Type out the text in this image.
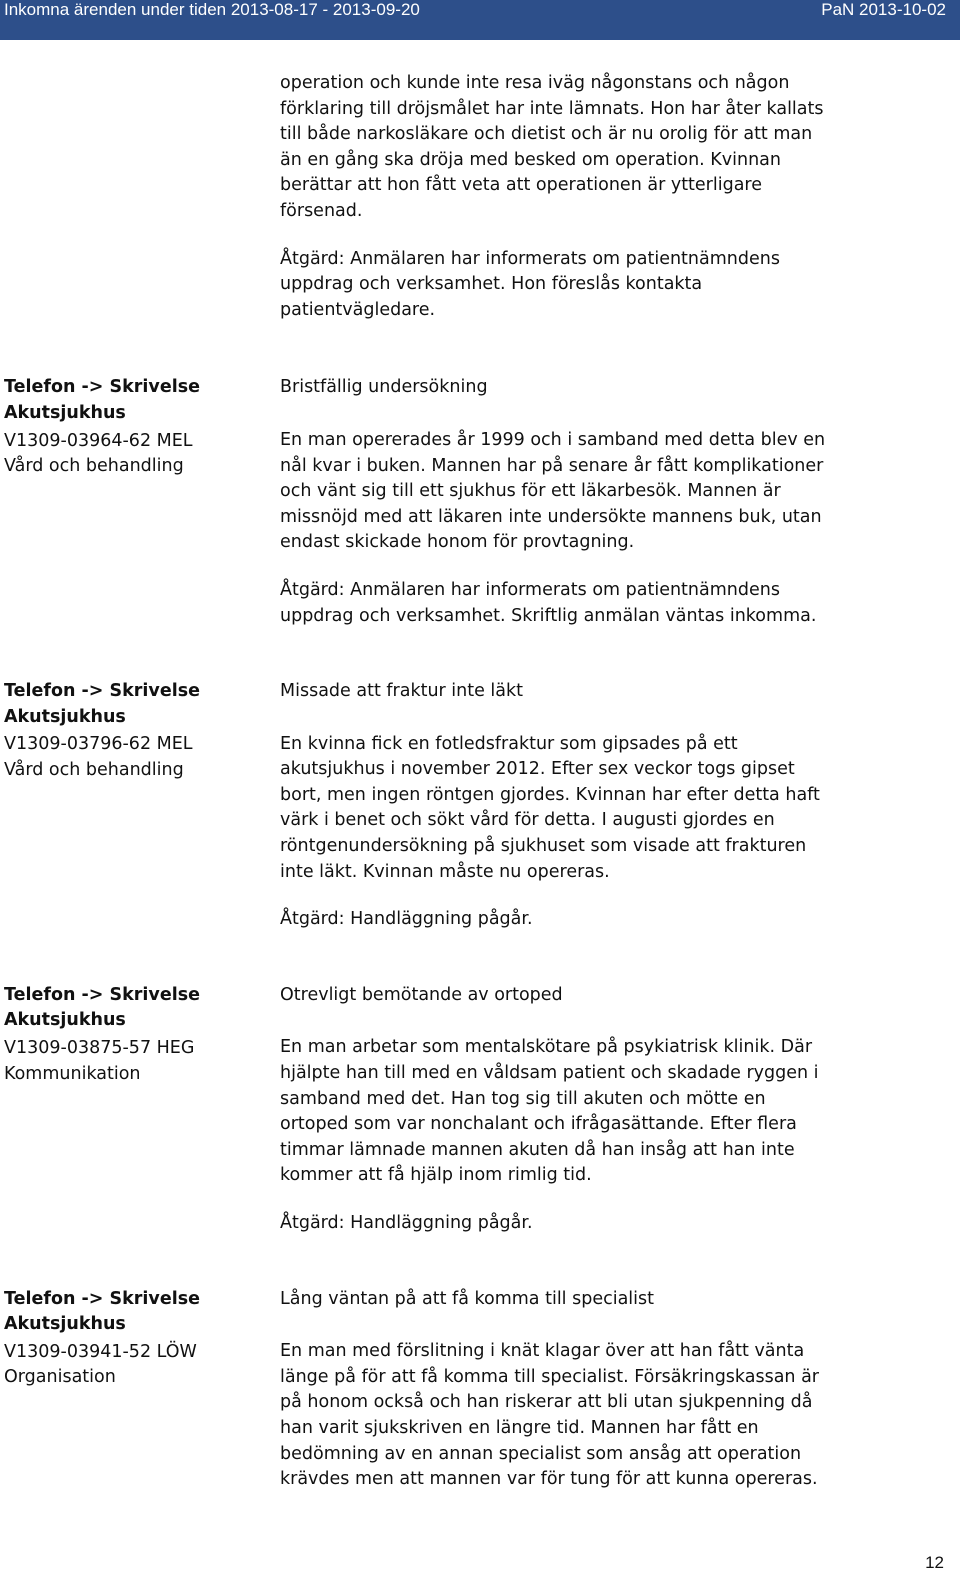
Inkomna ärenden under tiden 2013-08-17 - 2013-09-20	PaN 2013-10-02

operation och kunde inte resa iväg någonstans och någon
förklaring till dröjsmålet har inte lämnats. Hon har åter kallats
till både narkosläkare och dietist och är nu orolig för att man
än en gång ska dröja med besked om operation. Kvinnan
berättar att hon fått veta att operationen är ytterligare
försenad.

Åtgärd: Anmälaren har informerats om patientnämndens
uppdrag och verksamhet. Hon föreslås kontakta
patientvägledare.

Telefon -> Skrivelse
Akutsjukhus
V1309-03964-62 MEL
Vård och behandling

Bristfällig undersökning

En man opererades år 1999 och i samband med detta blev en
nål kvar i buken. Mannen har på senare år fått komplikationer
och vänt sig till ett sjukhus för ett läkarbesök. Mannen är
missnöjd med att läkaren inte undersökte mannens buk, utan
endast skickade honom för provtagning.

Åtgärd: Anmälaren har informerats om patientnämndens
uppdrag och verksamhet. Skriftlig anmälan väntas inkomma.

Telefon -> Skrivelse
Akutsjukhus
V1309-03796-62 MEL
Vård och behandling

Missade att fraktur inte läkt

En kvinna fick en fotledsfraktur som gipsades på ett
akutsjukhus i november 2012. Efter sex veckor togs gipset
bort, men ingen röntgen gjordes. Kvinnan har efter detta haft
värk i benet och sökt vård för detta. I augusti gjordes en
röntgenundersökning på sjukhuset som visade att frakturen
inte läkt. Kvinnan måste nu opereras.

Åtgärd: Handläggning pågår.

Telefon -> Skrivelse
Akutsjukhus
V1309-03875-57 HEG
Kommunikation

Otrevligt bemötande av ortoped

En man arbetar som mentalskötare på psykiatrisk klinik. Där
hjälpte han till med en våldsam patient och skadade ryggen i
samband med det. Han tog sig till akuten och mötte en
ortoped som var nonchalant och ifrågasättande. Efter flera
timmar lämnade mannen akuten då han insåg att han inte
kommer att få hjälp inom rimlig tid.

Åtgärd: Handläggning pågår.

Telefon -> Skrivelse
Akutsjukhus
V1309-03941-52 LÖW
Organisation

Lång väntan på att få komma till specialist

En man med förslitning i knät klagar över att han fått vänta
länge på för att få komma till specialist. Försäkringskassan är
på honom också och han riskerar att bli utan sjukpenning då
han varit sjukskriven en längre tid. Mannen har fått en
bedömning av en annan specialist som ansåg att operation
krävdes men att mannen var för tung för att kunna opereras.

12
